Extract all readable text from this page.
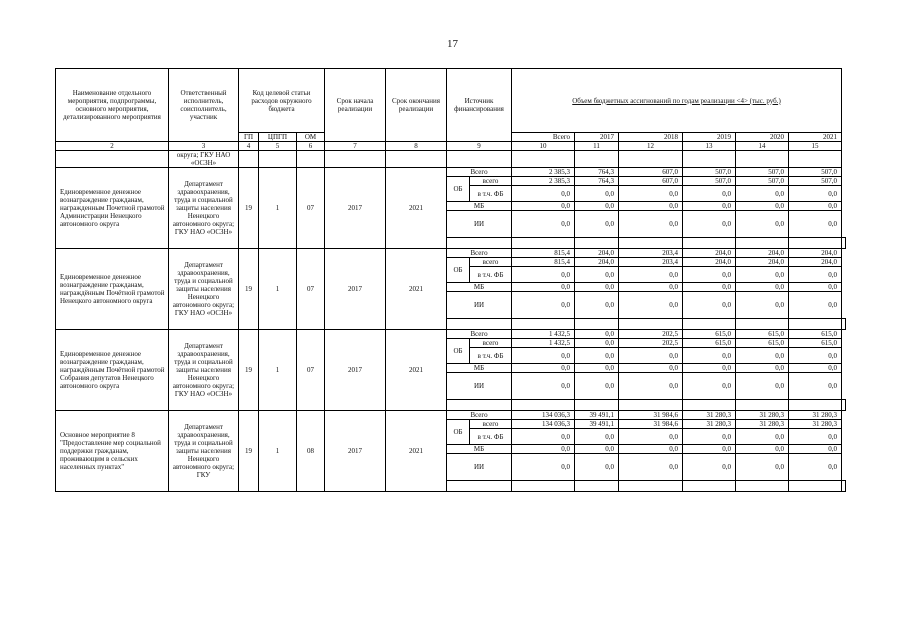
17
Наименование отдельного мероприятия, подпрограммы, основного мероприятия, детализированного мероприятия	Ответственный исполнитель, соисполнитель, участник	Код целевой статьи расходов окружного бюджета			Срок начала реализации	Срок окончания реализации	Источник финансирования		Объем бюджетных ассигнований по годам реализации <4> (тыс. руб.)						
		ГП	ЦПГП	ОМ					Всего	2017	2018	2019	2020	2021	
2	3	4	5	6	7	8	9		10	11	12	13	14	15	
	округа; ГКУ НАО «ОСЗН»														
Единовременное денежное вознаграждение гражданам, награжденным Почетной грамотой Администрации Ненецкого автономного округа	Департамент здравоохранения, труда и социальной защиты населения Ненецкого автономного округа; ГКУ НАО «ОСЗН»	19	1	07	2017	2021	Всего		2 385,3	764,3	607,0	507,0	507,0	507,0	
							ОБ	всего	2 385,3	764,3	607,0	507,0	507,0	507,0	
								в т.ч. ФБ	0,0	0,0	0,0	0,0	0,0	0,0	
							МБ		0,0	0,0	0,0	0,0	0,0	0,0	
							ИИ		0,0	0,0	0,0	0,0	0,0	0,0	

Единовременное денежное вознаграждение гражданам, награждённым Почётной грамотой Ненецкого автономного округа	Департамент здравоохранения, труда и социальной защиты населения Ненецкого автономного округа; ГКУ НАО «ОСЗН»	19	1	07	2017	2021	Всего		815,4	204,0	203,4	204,0	204,0	204,0	
							ОБ	всего	815,4	204,0	203,4	204,0	204,0	204,0	
								в т.ч. ФБ	0,0	0,0	0,0	0,0	0,0	0,0	
							МБ		0,0	0,0	0,0	0,0	0,0	0,0	
							ИИ		0,0	0,0	0,0	0,0	0,0	0,0	

Единовременное денежное вознаграждение гражданам, награждённым Почётной грамотой Собрания депутатов Ненецкого автономного округа	Департамент здравоохранения, труда и социальной защиты населения Ненецкого автономного округа; ГКУ НАО «ОСЗН»	19	1	07	2017	2021	Всего		1 432,5	0,0	202,5	615,0	615,0	615,0	
							ОБ	всего	1 432,5	0,0	202,5	615,0	615,0	615,0	
								в т.ч. ФБ	0,0	0,0	0,0	0,0	0,0	0,0	
							МБ		0,0	0,0	0,0	0,0	0,0	0,0	
							ИИ		0,0	0,0	0,0	0,0	0,0	0,0	

Основное мероприятие 8 "Предоставление мер социальной поддержки гражданам, проживающим в сельских населенных пунктах"	Департамент здравоохранения, труда и социальной защиты населения Ненецкого автономного округа; ГКУ	19	1	08	2017	2021	Всего		134 036,3	39 491,1	31 984,6	31 280,3	31 280,3	31 280,3	
							ОБ	всего	134 036,3	39 491,1	31 984,6	31 280,3	31 280,3	31 280,3	
								в т.ч. ФБ	0,0	0,0	0,0	0,0	0,0	0,0	
							МБ		0,0	0,0	0,0	0,0	0,0	0,0	
							ИИ		0,0	0,0	0,0	0,0	0,0	0,0	
